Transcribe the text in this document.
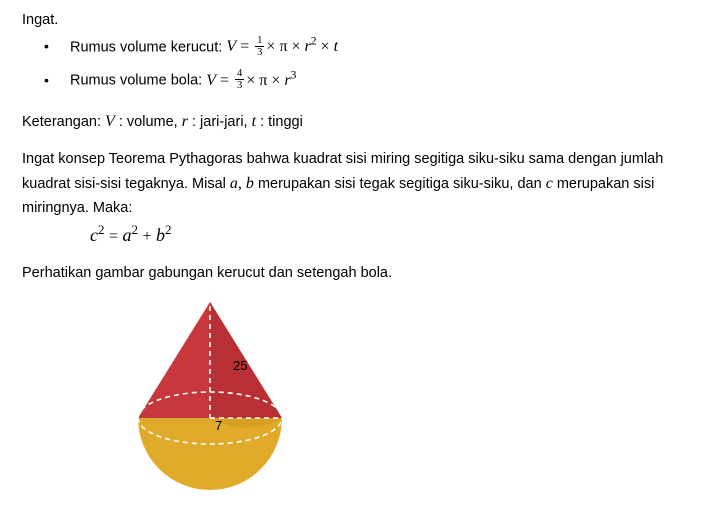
Ingat.
•	Rumus volume kerucut: $V = \frac{1}{3} \times \pi \times r^2 \times t$
•	Rumus volume bola: $V = \frac{4}{3} \times \pi \times r^3$
Keterangan: V : volume, r : jari-jari, t : tinggi
Ingat konsep Teorema Pythagoras bahwa kuadrat sisi miring segitiga siku-siku sama dengan jumlah kuadrat sisi-sisi tegaknya. Misal a, b merupakan sisi tegak segitiga siku-siku, dan c merupakan sisi miringnya. Maka:
$c^2 = a^2 + b^2$
Perhatikan gambar gabungan kerucut dan setengah bola.
25
7
